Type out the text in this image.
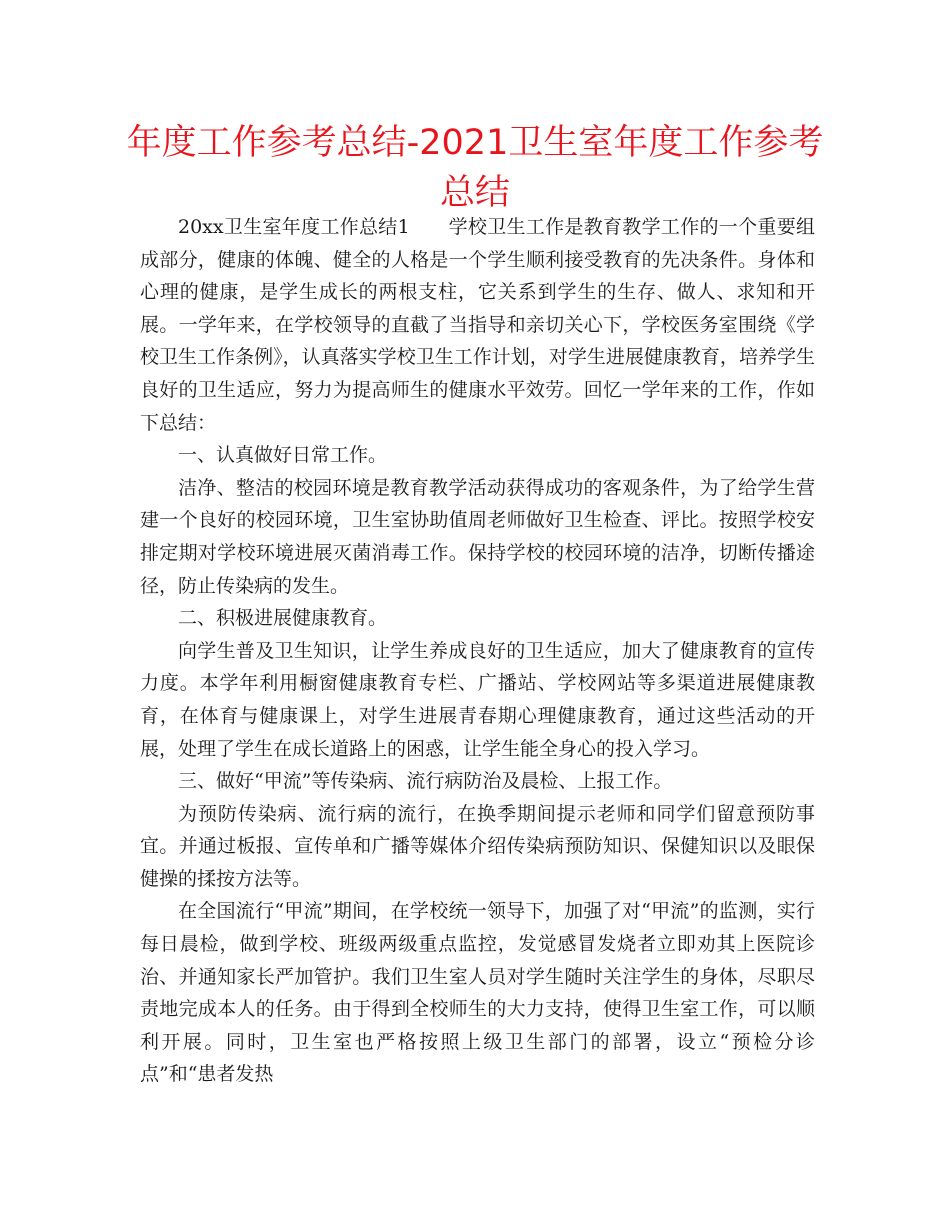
年度工作参考总结-2021卫生室年度工作参考总结

20xx卫生室年度工作总结1　　学校卫生工作是教育教学工作的一个重要组成部分，健康的体魄、健全的人格是一个学生顺利接受教育的先决条件。身体和心理的健康，是学生成长的两根支柱，它关系到学生的生存、做人、求知和开展。一学年来，在学校领导的直截了当指导和亲切关心下，学校医务室围绕《学校卫生工作条例》，认真落实学校卫生工作计划，对学生进展健康教育，培养学生良好的卫生适应，努力为提高师生的健康水平效劳。回忆一学年来的工作，作如下总结：

一、认真做好日常工作。

洁净、整洁的校园环境是教育教学活动获得成功的客观条件，为了给学生营建一个良好的校园环境，卫生室协助值周老师做好卫生检查、评比。按照学校安排定期对学校环境进展灭菌消毒工作。保持学校的校园环境的洁净，切断传播途径，防止传染病的发生。

二、积极进展健康教育。

向学生普及卫生知识，让学生养成良好的卫生适应，加大了健康教育的宣传力度。本学年利用橱窗健康教育专栏、广播站、学校网站等多渠道进展健康教育，在体育与健康课上，对学生进展青春期心理健康教育，通过这些活动的开展，处理了学生在成长道路上的困惑，让学生能全身心的投入学习。

三、做好“甲流”等传染病、流行病防治及晨检、上报工作。

为预防传染病、流行病的流行，在换季期间提示老师和同学们留意预防事宜。并通过板报、宣传单和广播等媒体介绍传染病预防知识、保健知识以及眼保健操的揉按方法等。

在全国流行“甲流”期间，在学校统一领导下，加强了对“甲流”的监测，实行每日晨检，做到学校、班级两级重点监控，发觉感冒发烧者立即劝其上医院诊治、并通知家长严加管护。我们卫生室人员对学生随时关注学生的身体，尽职尽责地完成本人的任务。由于得到全校师生的大力支持，使得卫生室工作，可以顺利开展。同时，卫生室也严格按照上级卫生部门的部署，设立“预检分诊点”和“患者发热
